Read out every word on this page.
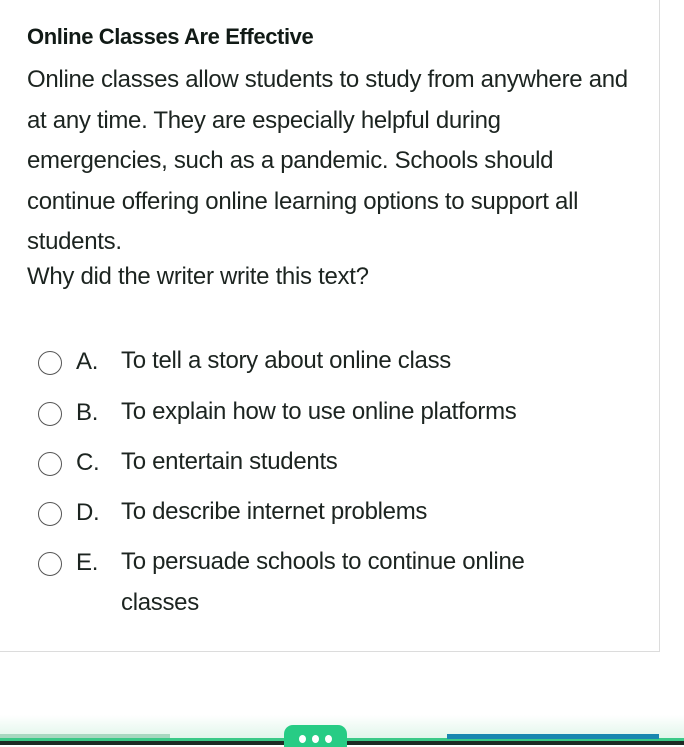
Online Classes Are Effective
Online classes allow students to study from anywhere and at any time. They are especially helpful during emergencies, such as a pandemic. Schools should continue offering online learning options to support all students.
Why did the writer write this text?
A. To tell a story about online class
B. To explain how to use online platforms
C. To entertain students
D. To describe internet problems
E. To persuade schools to continue online classes
